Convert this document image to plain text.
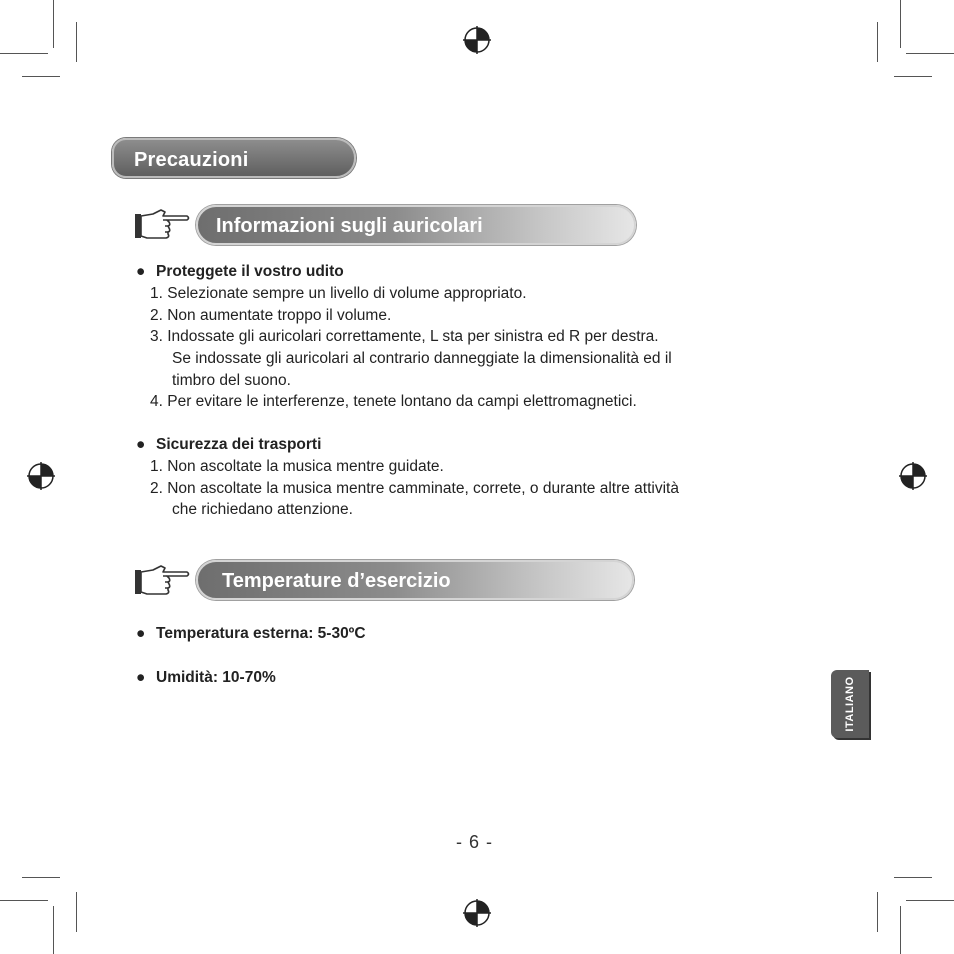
Precauzioni
Informazioni sugli auricolari
● Proteggete il vostro udito
1. Selezionate sempre un livello di volume appropriato.
2. Non aumentate troppo il volume.
3. Indossate gli auricolari correttamente, L sta per sinistra ed R per destra.
Se indossate gli auricolari al contrario danneggiate la dimensionalità ed il
timbro del suono.
4. Per evitare le interferenze, tenete lontano da campi elettromagnetici.
● Sicurezza dei trasporti
1. Non ascoltate la musica mentre guidate.
2. Non ascoltate la musica mentre camminate, correte, o durante altre attività
che richiedano attenzione.
Temperature d’esercizio
● Temperatura esterna: 5-30ºC
● Umidità: 10-70%	ITALIANO
- 6 -
